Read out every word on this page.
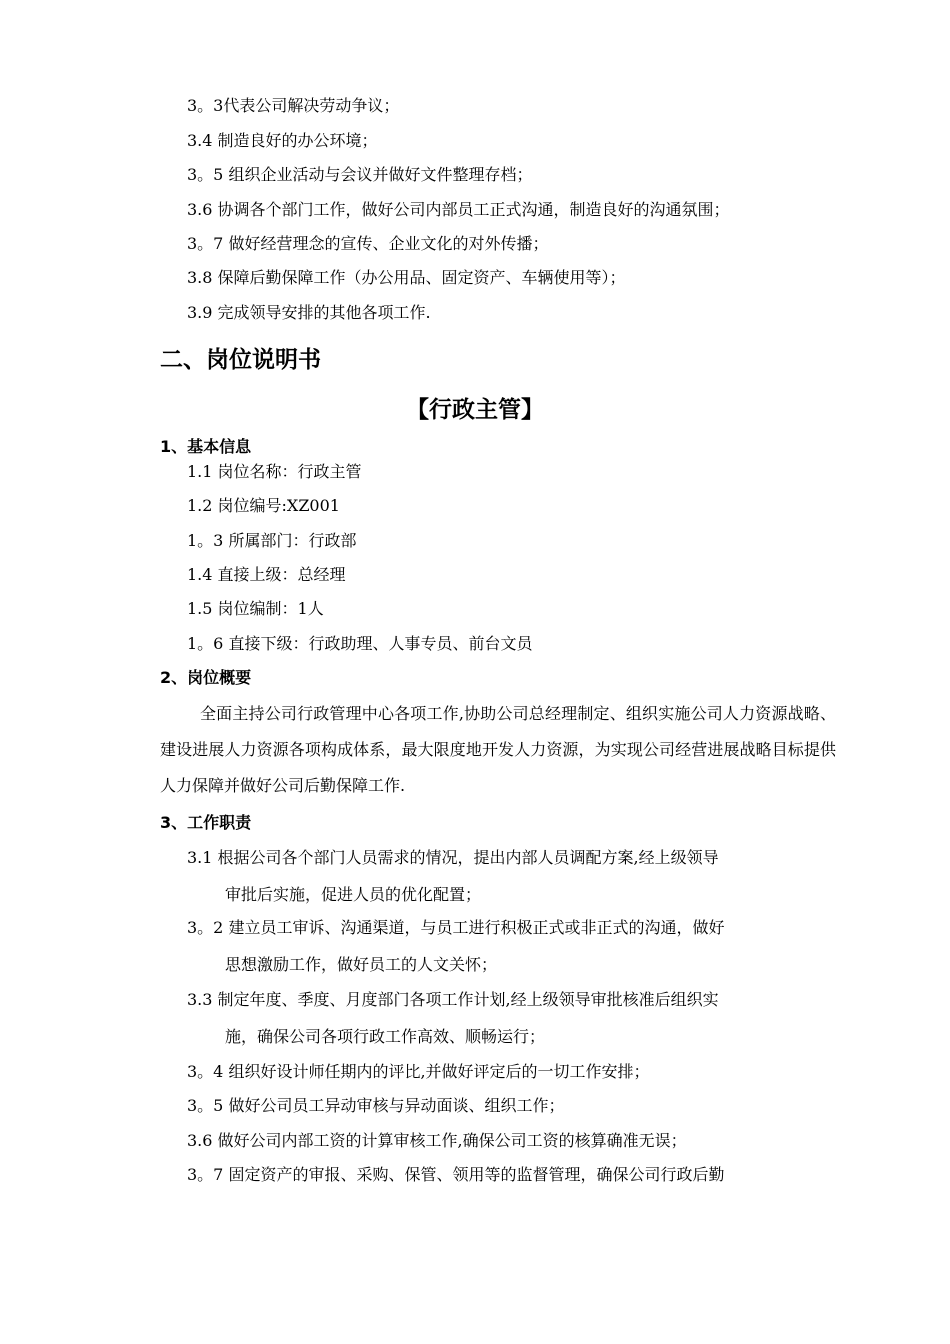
3。3代表公司解决劳动争议；
3.4 制造良好的办公环境；
3。5 组织企业活动与会议并做好文件整理存档；
3.6 协调各个部门工作，做好公司内部员工正式沟通，制造良好的沟通氛围；
3。7 做好经营理念的宣传、企业文化的对外传播；
3.8 保障后勤保障工作（办公用品、固定资产、车辆使用等）；
3.9 完成领导安排的其他各项工作.
二、岗位说明书
【行政主管】
1、基本信息
1.1 岗位名称：行政主管
1.2 岗位编号:XZ001
1。3 所属部门：行政部
1.4 直接上级：总经理
1.5 岗位编制：1人
1。6 直接下级：行政助理、人事专员、前台文员
2、岗位概要
全面主持公司行政管理中心各项工作,协助公司总经理制定、组织实施公司人力资源战略、建设进展人力资源各项构成体系，最大限度地开发人力资源，为实现公司经营进展战略目标提供人力保障并做好公司后勤保障工作.
3、工作职责
3.1 根据公司各个部门人员需求的情况，提出内部人员调配方案,经上级领导
审批后实施，促进人员的优化配置；
3。2 建立员工审诉、沟通渠道，与员工进行积极正式或非正式的沟通，做好
思想激励工作，做好员工的人文关怀；
3.3 制定年度、季度、月度部门各项工作计划,经上级领导审批核准后组织实
施，确保公司各项行政工作高效、顺畅运行；
3。4 组织好设计师任期内的评比,并做好评定后的一切工作安排；
3。5 做好公司员工异动审核与异动面谈、组织工作；
3.6 做好公司内部工资的计算审核工作,确保公司工资的核算确准无误；
3。7 固定资产的审报、采购、保管、领用等的监督管理，确保公司行政后勤
